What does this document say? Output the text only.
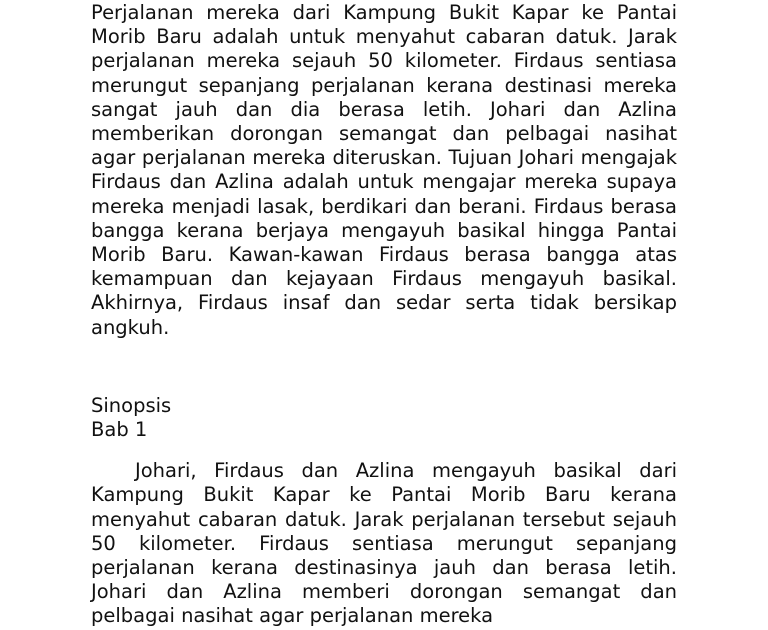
Perjalanan mereka dari Kampung Bukit Kapar ke Pantai Morib Baru adalah untuk menyahut cabaran datuk. Jarak perjalanan mereka sejauh 50 kilometer. Firdaus sentiasa merungut sepanjang perjalanan kerana destinasi mereka sangat jauh dan dia berasa letih. Johari dan Azlina memberikan dorongan semangat dan pelbagai nasihat agar perjalanan mereka diteruskan. Tujuan Johari mengajak Firdaus dan Azlina adalah untuk mengajar mereka supaya mereka menjadi lasak, berdikari dan berani. Firdaus berasa bangga kerana berjaya mengayuh basikal hingga Pantai Morib Baru. Kawan-kawan Firdaus berasa bangga atas kemampuan dan kejayaan Firdaus mengayuh basikal. Akhirnya, Firdaus insaf dan sedar serta tidak bersikap angkuh.

Sinopsis
Bab 1

Johari, Firdaus dan Azlina mengayuh basikal dari Kampung Bukit Kapar ke Pantai Morib Baru kerana menyahut cabaran datuk. Jarak perjalanan tersebut sejauh 50 kilometer. Firdaus sentiasa merungut sepanjang perjalanan kerana destinasinya jauh dan berasa letih. Johari dan Azlina memberi dorongan semangat dan pelbagai nasihat agar perjalanan mereka
